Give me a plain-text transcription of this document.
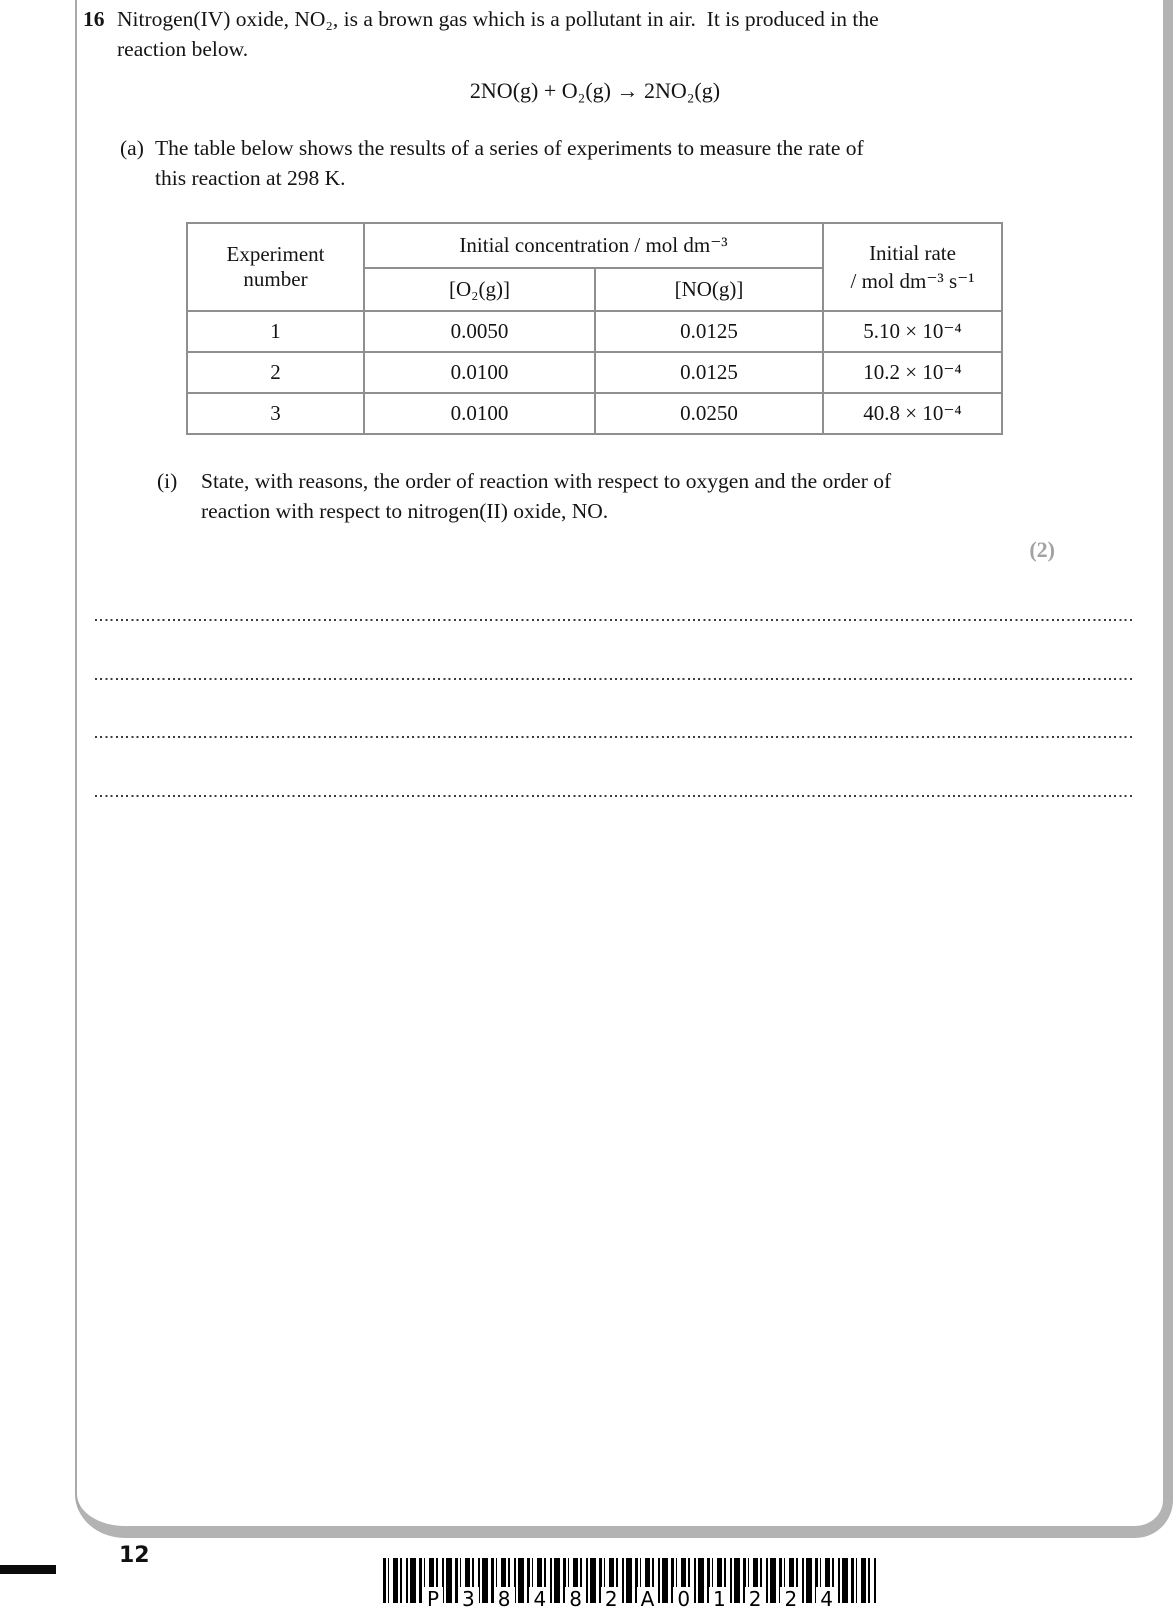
16 Nitrogen(IV) oxide, NO₂, is a brown gas which is a pollutant in air.  It is produced in the
reaction below.
2NO(g) + O₂(g) → 2NO₂(g)
(a) The table below shows the results of a series of experiments to measure the rate of
this reaction at 298 K.
Experiment number	Initial concentration / mol dm⁻³		Initial rate
/ mol dm⁻³ s⁻¹

	[O₂(g)]	[NO(g)]	
1	0.0050	0.0125	5.10 × 10⁻⁴
2	0.0100	0.0125	10.2 × 10⁻⁴
3	0.0100	0.0250	40.8 × 10⁻⁴
(i)	State, with reasons, the order of reaction with respect to oxygen and the order of
reaction with respect to nitrogen(II) oxide, NO.
(2)
12
P 3 8 4 8 2 A 0 1 2 2 4
